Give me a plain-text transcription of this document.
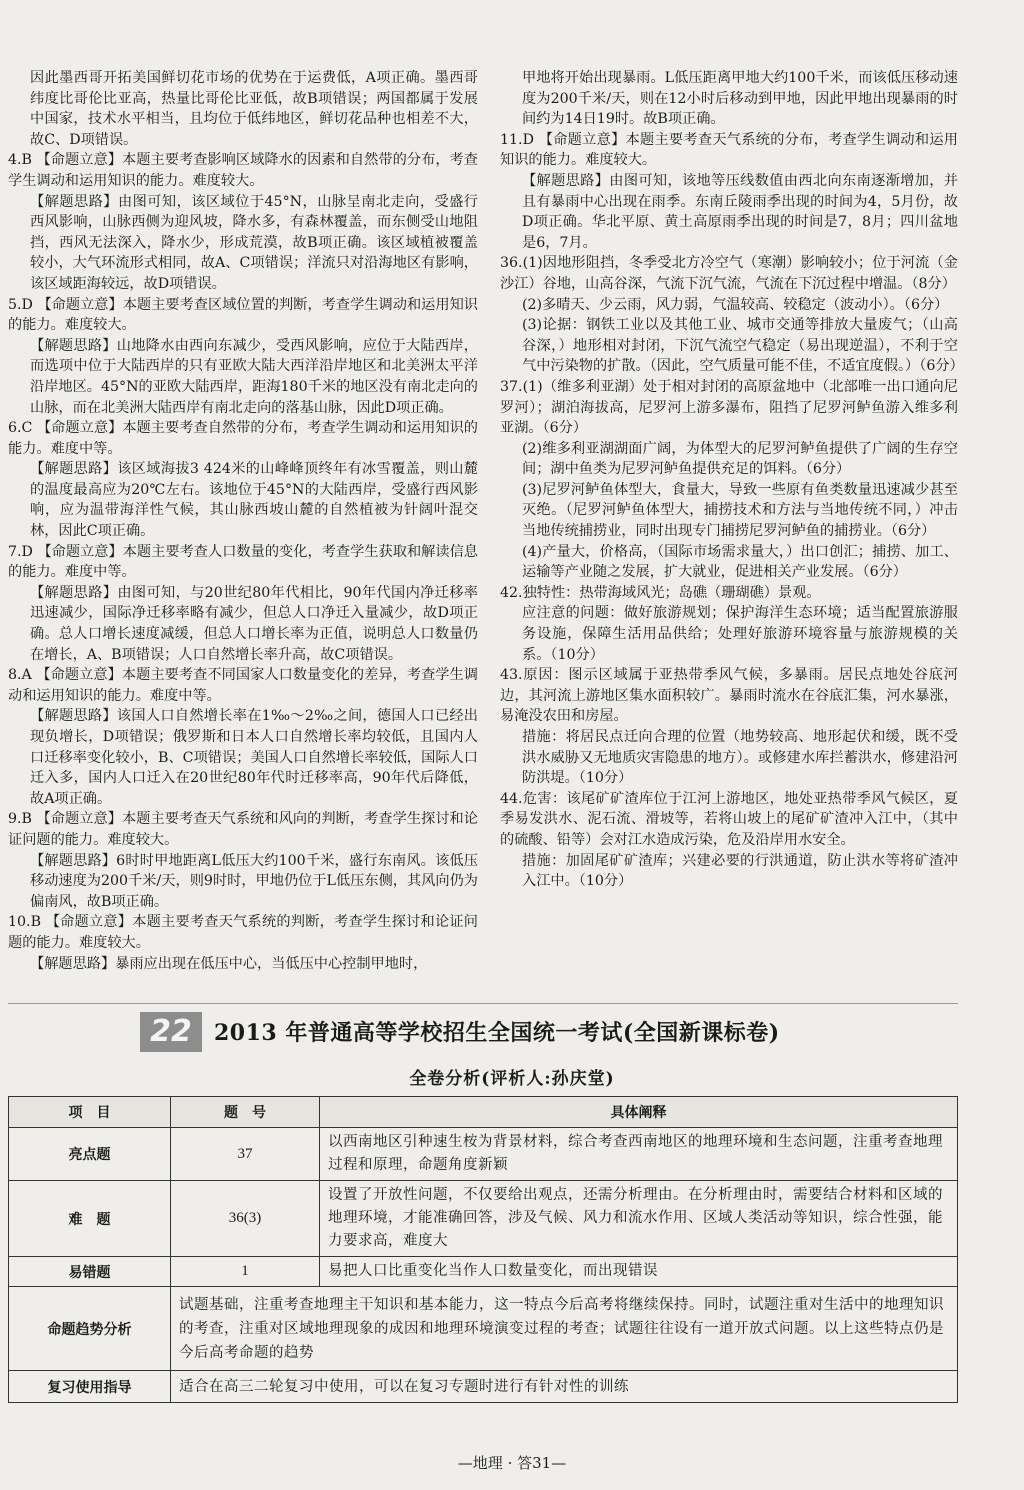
因此墨西哥开拓美国鲜切花市场的优势在于运费低，A项正确。墨西哥纬度比哥伦比亚高，热量比哥伦比亚低，故B项错误；两国都属于发展中国家，技术水平相当，且均位于低纬地区，鲜切花品种也相差不大，故C、D项错误。

4.B 【命题立意】本题主要考查影响区域降水的因素和自然带的分布，考查学生调动和运用知识的能力。难度较大。

【解题思路】由图可知，该区域位于45°N，山脉呈南北走向，受盛行西风影响，山脉西侧为迎风坡，降水多，有森林覆盖，而东侧受山地阻挡，西风无法深入，降水少，形成荒漠，故B项正确。该区域植被覆盖较小，大气环流形式相同，故A、C项错误；洋流只对沿海地区有影响，该区域距海较远，故D项错误。

5.D 【命题立意】本题主要考查区域位置的判断，考查学生调动和运用知识的能力。难度较大。

【解题思路】山地降水由西向东减少，受西风影响，应位于大陆西岸，而选项中位于大陆西岸的只有亚欧大陆大西洋沿岸地区和北美洲太平洋沿岸地区。45°N的亚欧大陆西岸，距海180千米的地区没有南北走向的山脉，而在北美洲大陆西岸有南北走向的落基山脉，因此D项正确。

6.C 【命题立意】本题主要考查自然带的分布，考查学生调动和运用知识的能力。难度中等。

【解题思路】该区域海拔3 424米的山峰峰顶终年有冰雪覆盖，则山麓的温度最高应为20℃左右。该地位于45°N的大陆西岸，受盛行西风影响，应为温带海洋性气候，其山脉西坡山麓的自然植被为针阔叶混交林，因此C项正确。

7.D 【命题立意】本题主要考查人口数量的变化，考查学生获取和解读信息的能力。难度中等。

【解题思路】由图可知，与20世纪80年代相比，90年代国内净迁移率迅速减少，国际净迁移率略有减少，但总人口净迁入量减少，故D项正确。总人口增长速度减缓，但总人口增长率为正值，说明总人口数量仍在增长，A、B项错误；人口自然增长率升高，故C项错误。

8.A 【命题立意】本题主要考查不同国家人口数量变化的差异，考查学生调动和运用知识的能力。难度中等。

【解题思路】该国人口自然增长率在1‰～2‰之间，德国人口已经出现负增长，D项错误；俄罗斯和日本人口自然增长率均较低，且国内人口迁移率变化较小，B、C项错误；美国人口自然增长率较低，国际人口迁入多，国内人口迁入在20世纪80年代时迁移率高，90年代后降低，故A项正确。

9.B 【命题立意】本题主要考查天气系统和风向的判断，考查学生探讨和论证问题的能力。难度较大。

【解题思路】6时时甲地距离L低压大约100千米，盛行东南风。该低压移动速度为200千米/天，则9时时，甲地仍位于L低压东侧，其风向仍为偏南风，故B项正确。

10.B 【命题立意】本题主要考查天气系统的判断，考查学生探讨和论证问题的能力。难度较大。

【解题思路】暴雨应出现在低压中心，当低压中心控制甲地时，

甲地将开始出现暴雨。L低压距离甲地大约100千米，而该低压移动速度为200千米/天，则在12小时后移动到甲地，因此甲地出现暴雨的时间约为14日19时。故B项正确。

11.D 【命题立意】本题主要考查天气系统的分布，考查学生调动和运用知识的能力。难度较大。

【解题思路】由图可知，该地等压线数值由西北向东南逐渐增加，并且有暴雨中心出现在雨季。东南丘陵雨季出现的时间为4，5月份，故D项正确。华北平原、黄土高原雨季出现的时间是7，8月；四川盆地是6，7月。

36.(1)因地形阻挡，冬季受北方冷空气（寒潮）影响较小；位于河流（金沙江）谷地，山高谷深，气流下沉气流，气流在下沉过程中增温。（8分）

(2)多晴天、少云雨，风力弱，气温较高、较稳定（波动小）。（6分）

(3)论据：钢铁工业以及其他工业、城市交通等排放大量废气；（山高谷深，）地形相对封闭，下沉气流空气稳定（易出现逆温），不利于空气中污染物的扩散。（因此，空气质量可能不佳，不适宜度假。）（6分）

37.(1)（维多利亚湖）处于相对封闭的高原盆地中（北部唯一出口通向尼罗河）；湖泊海拔高，尼罗河上游多瀑布，阻挡了尼罗河鲈鱼游入维多利亚湖。（6分）

(2)维多利亚湖湖面广阔，为体型大的尼罗河鲈鱼提供了广阔的生存空间；湖中鱼类为尼罗河鲈鱼提供充足的饵料。（6分）

(3)尼罗河鲈鱼体型大，食量大，导致一些原有鱼类数量迅速减少甚至灭绝。（尼罗河鲈鱼体型大，捕捞技术和方法与当地传统不同，）冲击当地传统捕捞业，同时出现专门捕捞尼罗河鲈鱼的捕捞业。（6分）

(4)产量大，价格高，（国际市场需求量大，）出口创汇；捕捞、加工、运输等产业随之发展，扩大就业，促进相关产业发展。（6分）

42.独特性：热带海域风光；岛礁（珊瑚礁）景观。

应注意的问题：做好旅游规划；保护海洋生态环境；适当配置旅游服务设施，保障生活用品供给；处理好旅游环境容量与旅游规模的关系。（10分）

43.原因：图示区域属于亚热带季风气候，多暴雨。居民点地处谷底河边，其河流上游地区集水面积较广。暴雨时流水在谷底汇集，河水暴涨，易淹没农田和房屋。

措施：将居民点迁向合理的位置（地势较高、地形起伏和缓，既不受洪水威胁又无地质灾害隐患的地方）。或修建水库拦蓄洪水，修建沿河防洪堤。（10分）

44.危害：该尾矿矿渣库位于江河上游地区，地处亚热带季风气候区，夏季易发洪水、泥石流、滑坡等，若将山坡上的尾矿矿渣冲入江中，（其中的硫酸、铅等）会对江水造成污染，危及沿岸用水安全。

措施：加固尾矿矿渣库；兴建必要的行洪通道，防止洪水等将矿渣冲入江中。（10分）

22	2013 年普通高等学校招生全国统一考试(全国新课标卷)
全卷分析(评析人:孙庆堂)
项　目	题　号	具体阐释
亮点题	37	以西南地区引种速生桉为背景材料，综合考查西南地区的地理环境和生态问题，注重考查地理过程和原理，命题角度新颖
难　题	36(3)	设置了开放性问题，不仅要给出观点，还需分析理由。在分析理由时，需要结合材料和区域的地理环境，才能准确回答，涉及气候、风力和流水作用、区域人类活动等知识，综合性强，能力要求高，难度大
易错题	1	易把人口比重变化当作人口数量变化，而出现错误
命题趋势分析	试题基础，注重考查地理主干知识和基本能力，这一特点今后高考将继续保持。同时，试题注重对生活中的地理知识的考查，注重对区域地理现象的成因和地理环境演变过程的考查；试题往往设有一道开放式问题。以上这些特点仍是今后高考命题的趋势	
复习使用指导	适合在高三二轮复习中使用，可以在复习专题时进行有针对性的训练	
—地理 · 答31—
